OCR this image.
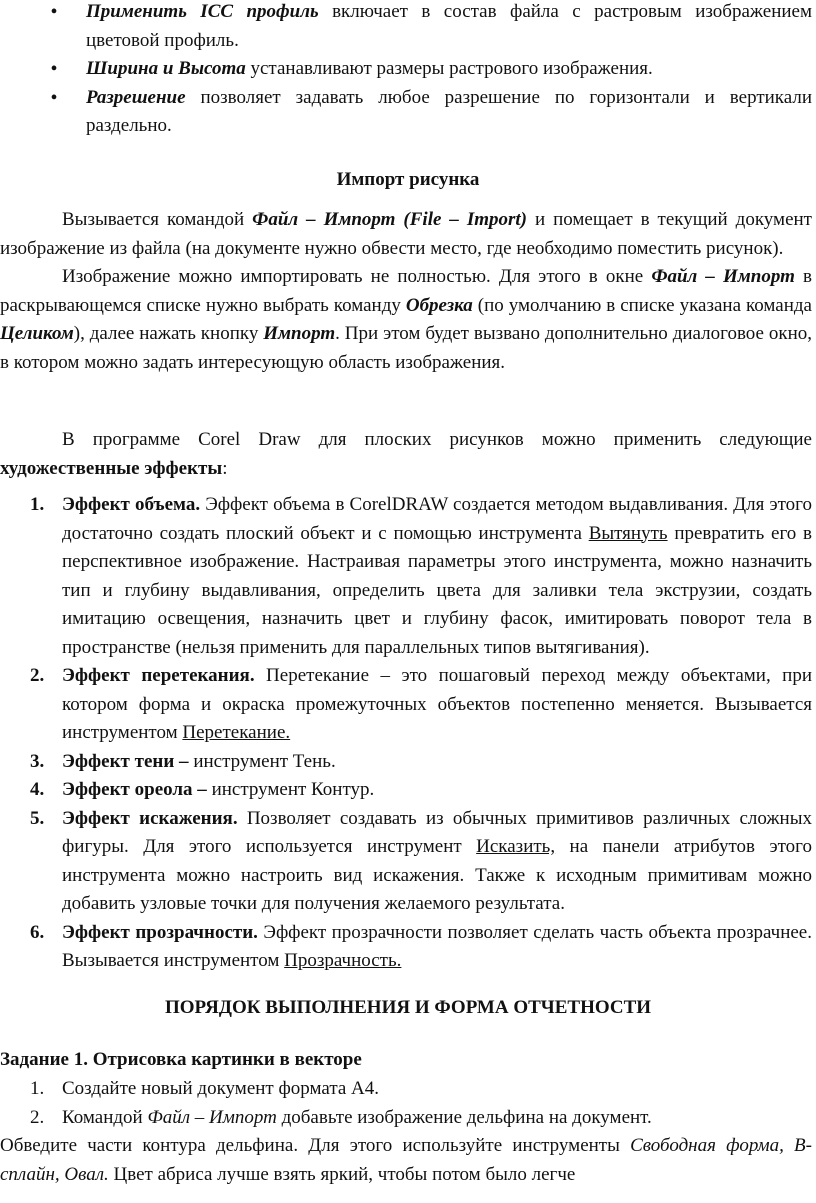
•	Применить ICC профиль включает в состав файла с растровым изображением цветовой профиль.

•	Ширина и Высота устанавливают размеры растрового изображения.

•	Разрешение позволяет задавать любое разрешение по горизонтали и вертикали раздельно.

Импорт рисунка

Вызывается командой Файл – Импорт (File – Import) и помещает в текущий документ изображение из файла (на документе нужно обвести место, где необходимо поместить рисунок).

Изображение можно импортировать не полностью. Для этого в окне Файл – Импорт в раскрывающемся списке нужно выбрать команду Обрезка (по умолчанию в списке указана команда Целиком), далее нажать кнопку Импорт. При этом будет вызвано дополнительно диалоговое окно, в котором можно задать интересующую область изображения.

В программе Corel Draw для плоских рисунков можно применить следующие художественные эффекты:

1. Эффект объема. Эффект объема в CorelDRAW создается методом выдавливания. Для этого достаточно создать плоский объект и с помощью инструмента Вытянуть превратить его в перспективное изображение. Настраивая параметры этого инструмента, можно назначить тип и глубину выдавливания, определить цвета для заливки тела экструзии, создать имитацию освещения, назначить цвет и глубину фасок, имитировать поворот тела в пространстве (нельзя применить для параллельных типов вытягивания).
2. Эффект перетекания. Перетекание – это пошаговый переход между объектами, при котором форма и окраска промежуточных объектов постепенно меняется. Вызывается инструментом Перетекание.
3. Эффект тени – инструмент Тень.
4. Эффект ореола – инструмент Контур.
5. Эффект искажения. Позволяет создавать из обычных примитивов различных сложных фигуры. Для этого используется инструмент Исказить, на панели атрибутов этого инструмента можно настроить вид искажения. Также к исходным примитивам можно добавить узловые точки для получения желаемого результата.
6. Эффект прозрачности. Эффект прозрачности позволяет сделать часть объекта прозрачнее. Вызывается инструментом Прозрачность.
ПОРЯДОК ВЫПОЛНЕНИЯ И ФОРМА ОТЧЕТНОСТИ
Задание 1. Отрисовка картинки в векторе
1. Создайте новый документ формата А4.
2. Командой Файл – Импорт добавьте изображение дельфина на документ.
Обведите части контура дельфина. Для этого используйте инструменты Свободная форма, В-сплайн, Овал. Цвет абриса лучше взять яркий, чтобы потом было легче
